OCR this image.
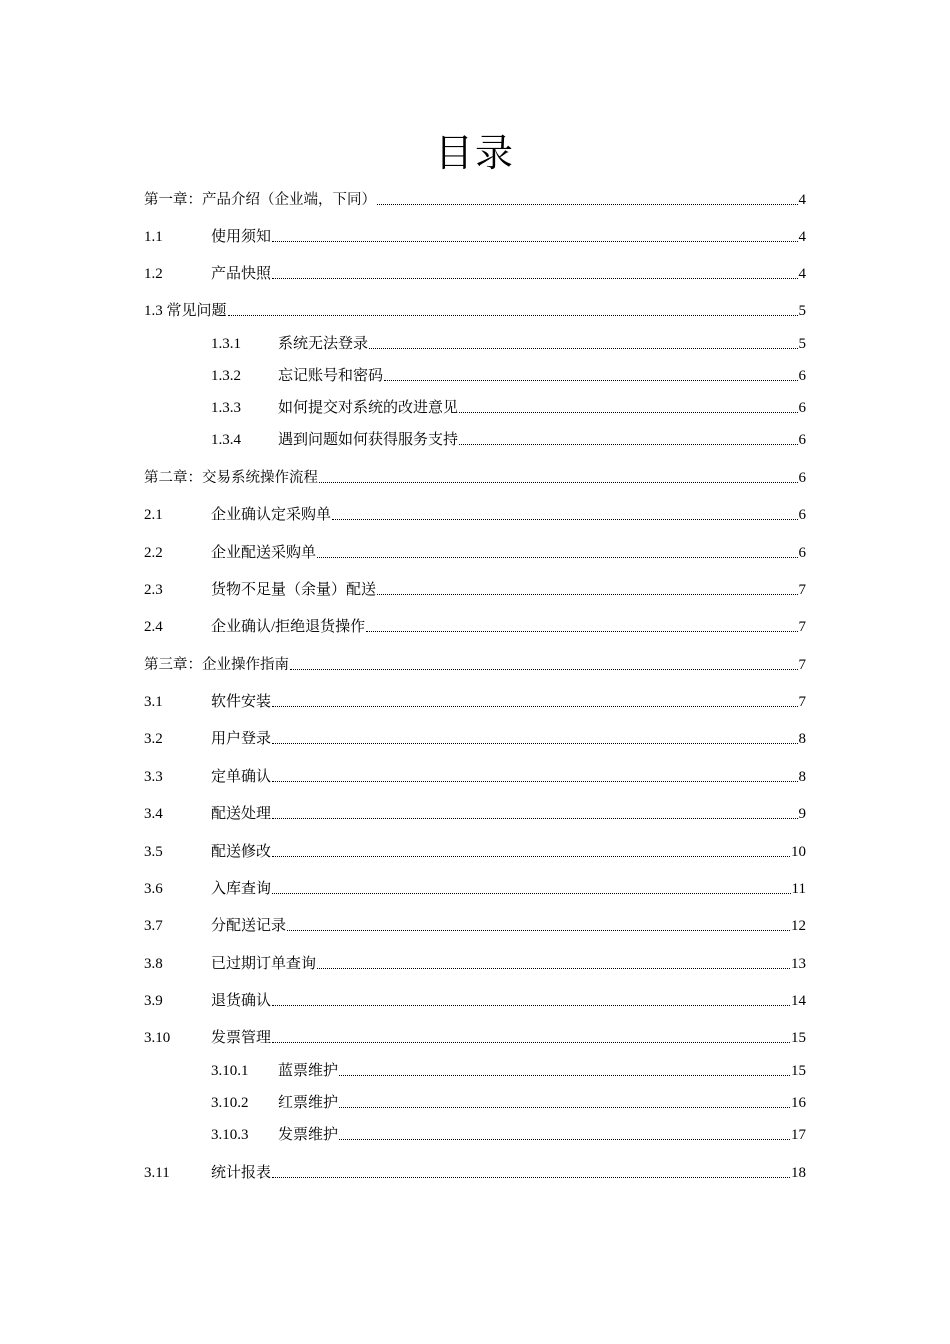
目录
第一章：产品介绍（企业端，下同）	4
1.1	使用须知	4
1.2	产品快照	4
1.3 常见问题	5
1.3.1	系统无法登录	5
1.3.2	忘记账号和密码	6
1.3.3	如何提交对系统的改进意见	6
1.3.4	遇到问题如何获得服务支持	6
第二章：交易系统操作流程	6
2.1	企业确认定采购单	6
2.2	企业配送采购单	6
2.3	货物不足量（余量）配送	7
2.4	企业确认/拒绝退货操作	7
第三章：企业操作指南	7
3.1	软件安装	7
3.2	用户登录	8
3.3	定单确认	8
3.4	配送处理	9
3.5	配送修改	10
3.6	入库查询	11
3.7	分配送记录	12
3.8	已过期订单查询	13
3.9	退货确认	14
3.10	发票管理	15
3.10.1	蓝票维护	15
3.10.2	红票维护	16
3.10.3	发票维护	17
3.11	统计报表	18
